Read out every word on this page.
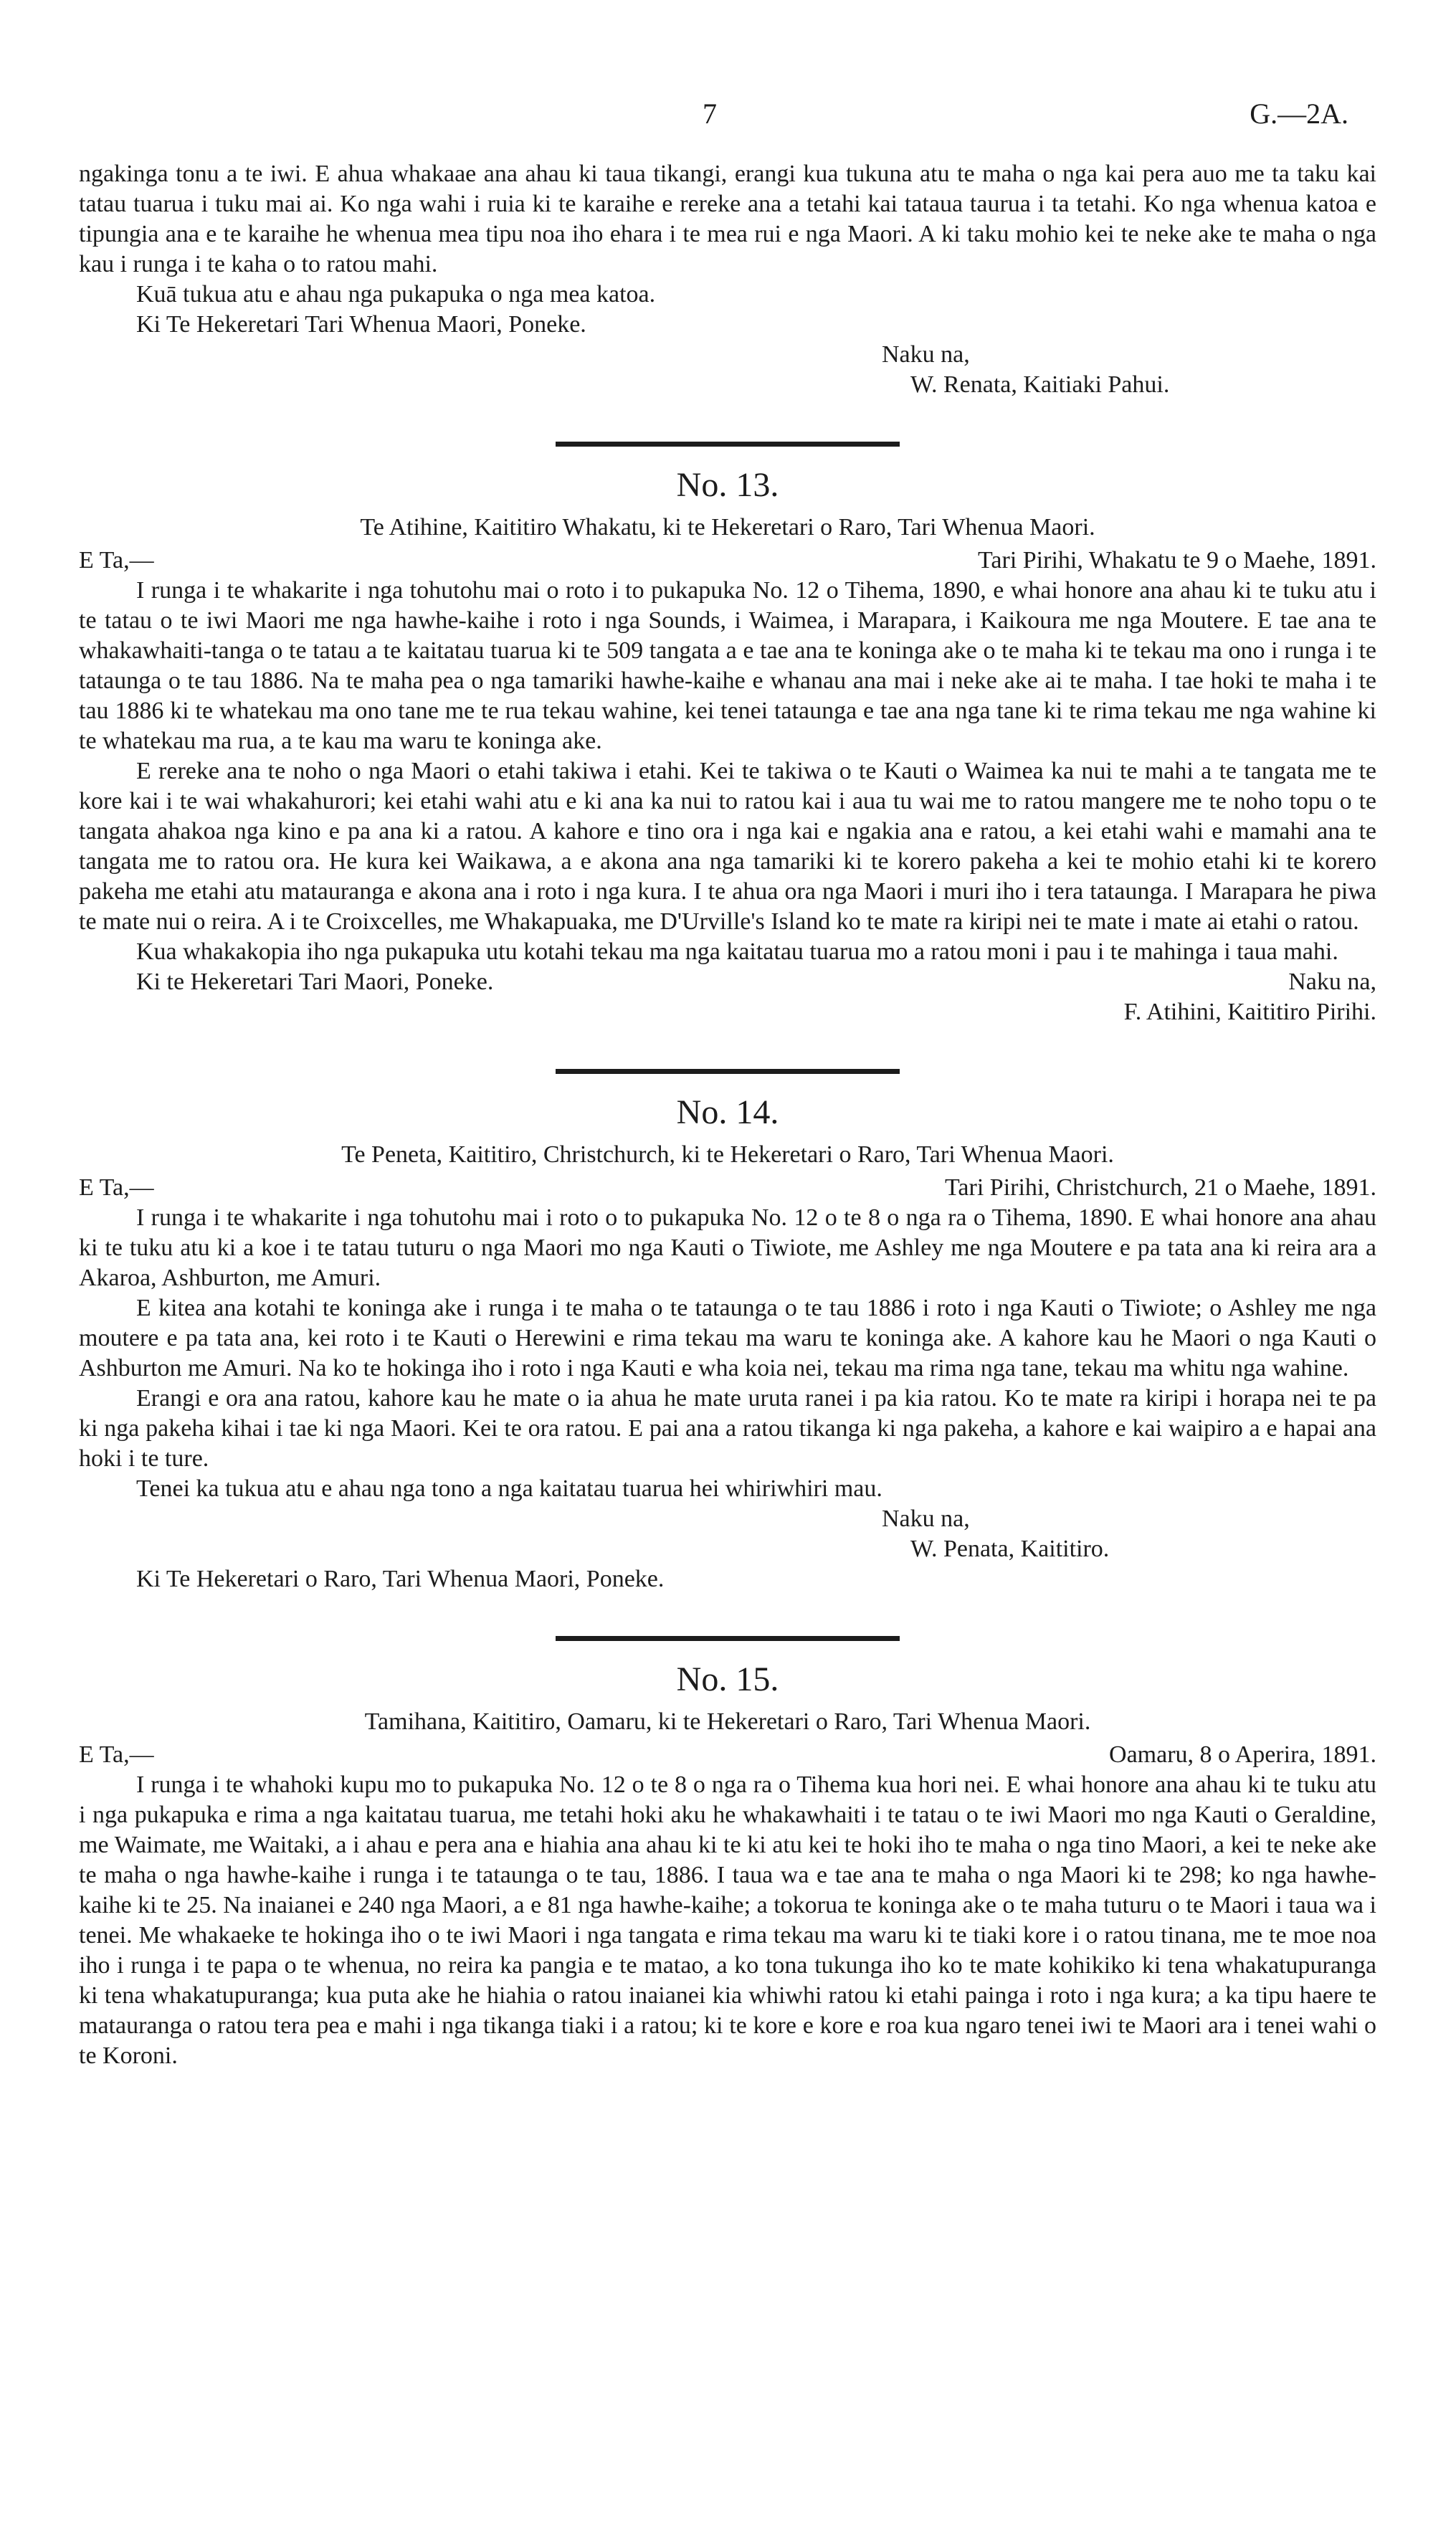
7	G.—2A.

ngakinga tonu a te iwi. E ahua whakaae ana ahau ki taua tikangi, erangi kua tukuna atu te maha o nga kai pera auo me ta taku kai tatau tuarua i tuku mai ai. Ko nga wahi i ruia ki te karaihe e rereke ana a tetahi kai tataua taurua i ta tetahi. Ko nga whenua katoa e tipungia ana e te karaihe he whenua mea tipu noa iho ehara i te mea rui e nga Maori. A ki taku mohio kei te neke ake te maha o nga kau i runga i te kaha o to ratou mahi.

Kuā tukua atu e ahau nga pukapuka o nga mea katoa.

Ki Te Hekeretari Tari Whenua Maori, Poneke.

Naku na,
W. Renata, Kaitiaki Pahui.
No. 13.
Te Atihine, Kaititiro Whakatu, ki te Hekeretari o Raro, Tari Whenua Maori.
E Ta,—	Tari Pirihi, Whakatu te 9 o Maehe, 1891.

I runga i te whakarite i nga tohutohu mai o roto i to pukapuka No. 12 o Tihema, 1890, e whai honore ana ahau ki te tuku atu i te tatau o te iwi Maori me nga hawhe-kaihe i roto i nga Sounds, i Waimea, i Marapara, i Kaikoura me nga Moutere. E tae ana te whakawhaiti-tanga o te tatau a te kaitatau tuarua ki te 509 tangata a e tae ana te koninga ake o te maha ki te tekau ma ono i runga i te tataunga o te tau 1886. Na te maha pea o nga tamariki hawhe-kaihe e whanau ana mai i neke ake ai te maha. I tae hoki te maha i te tau 1886 ki te whatekau ma ono tane me te rua tekau wahine, kei tenei tataunga e tae ana nga tane ki te rima tekau me nga wahine ki te whatekau ma rua, a te kau ma waru te koninga ake.

E rereke ana te noho o nga Maori o etahi takiwa i etahi. Kei te takiwa o te Kauti o Waimea ka nui te mahi a te tangata me te kore kai i te wai whakahurori; kei etahi wahi atu e ki ana ka nui to ratou kai i aua tu wai me to ratou mangere me te noho topu o te tangata ahakoa nga kino e pa ana ki a ratou. A kahore e tino ora i nga kai e ngakia ana e ratou, a kei etahi wahi e mamahi ana te tangata me to ratou ora. He kura kei Waikawa, a e akona ana nga tamariki ki te korero pakeha a kei te mohio etahi ki te korero pakeha me etahi atu matauranga e akona ana i roto i nga kura. I te ahua ora nga Maori i muri iho i tera tataunga. I Marapara he piwa te mate nui o reira. A i te Croixcelles, me Whakapuaka, me D'Urville's Island ko te mate ra kiripi nei te mate i mate ai etahi o ratou.

Kua whakakopia iho nga pukapuka utu kotahi tekau ma nga kaitatau tuarua mo a ratou moni i pau i te mahinga i taua mahi.

Ki te Hekeretari Tari Maori, Poneke.	Naku na,
F. Atihini, Kaititiro Pirihi.
No. 14.
Te Peneta, Kaititiro, Christchurch, ki te Hekeretari o Raro, Tari Whenua Maori.
E Ta,—	Tari Pirihi, Christchurch, 21 o Maehe, 1891.

I runga i te whakarite i nga tohutohu mai i roto o to pukapuka No. 12 o te 8 o nga ra o Tihema, 1890. E whai honore ana ahau ki te tuku atu ki a koe i te tatau tuturu o nga Maori mo nga Kauti o Tiwiote, me Ashley me nga Moutere e pa tata ana ki reira ara a Akaroa, Ashburton, me Amuri.

E kitea ana kotahi te koninga ake i runga i te maha o te tataunga o te tau 1886 i roto i nga Kauti o Tiwiote; o Ashley me nga moutere e pa tata ana, kei roto i te Kauti o Herewini e rima tekau ma waru te koninga ake. A kahore kau he Maori o nga Kauti o Ashburton me Amuri. Na ko te hokinga iho i roto i nga Kauti e wha koia nei, tekau ma rima nga tane, tekau ma whitu nga wahine.

Erangi e ora ana ratou, kahore kau he mate o ia ahua he mate uruta ranei i pa kia ratou. Ko te mate ra kiripi i horapa nei te pa ki nga pakeha kihai i tae ki nga Maori. Kei te ora ratou. E pai ana a ratou tikanga ki nga pakeha, a kahore e kai waipiro a e hapai ana hoki i te ture.

Tenei ka tukua atu e ahau nga tono a nga kaitatau tuarua hei whiriwhiri mau.

Naku na,
W. Penata, Kaititiro.
Ki Te Hekeretari o Raro, Tari Whenua Maori, Poneke.
No. 15.
Tamihana, Kaititiro, Oamaru, ki te Hekeretari o Raro, Tari Whenua Maori.
E Ta,—	Oamaru, 8 o Aperira, 1891.

I runga i te whahoki kupu mo to pukapuka No. 12 o te 8 o nga ra o Tihema kua hori nei. E whai honore ana ahau ki te tuku atu i nga pukapuka e rima a nga kaitatau tuarua, me tetahi hoki aku he whakawhaiti i te tatau o te iwi Maori mo nga Kauti o Geraldine, me Waimate, me Waitaki, a i ahau e pera ana e hiahia ana ahau ki te ki atu kei te hoki iho te maha o nga tino Maori, a kei te neke ake te maha o nga hawhe-kaihe i runga i te tataunga o te tau, 1886. I taua wa e tae ana te maha o nga Maori ki te 298; ko nga hawhe-kaihe ki te 25. Na inaianei e 240 nga Maori, a e 81 nga hawhe-kaihe; a tokorua te koninga ake o te maha tuturu o te Maori i taua wa i tenei. Me whakaeke te hokinga iho o te iwi Maori i nga tangata e rima tekau ma waru ki te tiaki kore i o ratou tinana, me te moe noa iho i runga i te papa o te whenua, no reira ka pangia e te matao, a ko tona tukunga iho ko te mate kohikiko ki tena whakatupuranga ki tena whakatupuranga; kua puta ake he hiahia o ratou inaianei kia whiwhi ratou ki etahi painga i roto i nga kura; a ka tipu haere te matauranga o ratou tera pea e mahi i nga tikanga tiaki i a ratou; ki te kore e kore e roa kua ngaro tenei iwi te Maori ara i tenei wahi o te Koroni.
